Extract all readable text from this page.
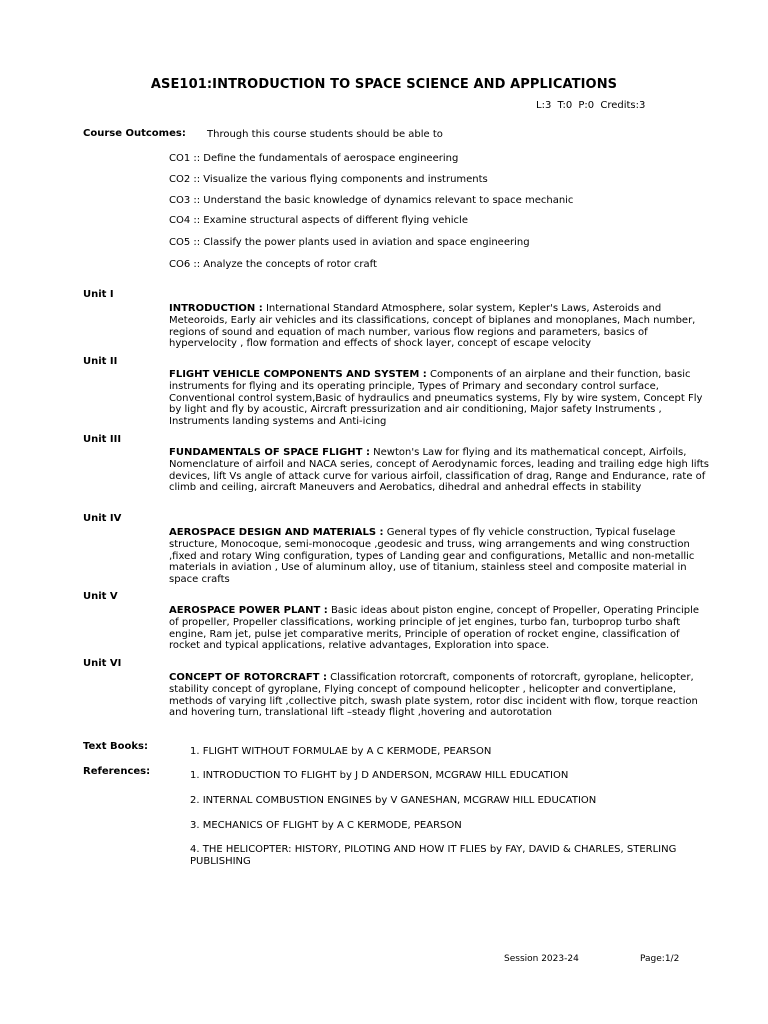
ASE101:INTRODUCTION TO SPACE SCIENCE AND APPLICATIONS
L:3 T:0 P:0 Credits:3
Course Outcomes: Through this course students should be able to
CO1 :: Define the fundamentals of aerospace engineering
CO2 :: Visualize the various flying components and instruments
CO3 :: Understand the basic knowledge of dynamics relevant to space mechanic
CO4 :: Examine structural aspects of different flying vehicle
CO5 :: Classify the power plants used in aviation and space engineering
CO6 :: Analyze the concepts of rotor craft
Unit I
INTRODUCTION : International Standard Atmosphere, solar system, Kepler's Laws, Asteroids and Meteoroids, Early air vehicles and its classifications, concept of biplanes and monoplanes, Mach number, regions of sound and equation of mach number, various flow regions and parameters, basics of hypervelocity , flow formation and effects of shock layer, concept of escape velocity
Unit II
FLIGHT VEHICLE COMPONENTS AND SYSTEM : Components of an airplane and their function, basic instruments for flying and its operating principle, Types of Primary and secondary control surface, Conventional control system,Basic of hydraulics and pneumatics systems, Fly by wire system, Concept Fly by light and fly by acoustic, Aircraft pressurization and air conditioning, Major safety Instruments , Instruments landing systems and Anti-icing
Unit III
FUNDAMENTALS OF SPACE FLIGHT : Newton's Law for flying and its mathematical concept, Airfoils, Nomenclature of airfoil and NACA series, concept of Aerodynamic forces, leading and trailing edge high lifts devices, lift Vs angle of attack curve for various airfoil, classification of drag, Range and Endurance, rate of climb and ceiling, aircraft Maneuvers and Aerobatics, dihedral and anhedral effects in stability
Unit IV
AEROSPACE DESIGN AND MATERIALS : General types of fly vehicle construction, Typical fuselage structure, Monocoque, semi-monocoque ,geodesic and truss, wing arrangements and wing construction ,fixed and rotary Wing configuration, types of Landing gear and configurations, Metallic and non-metallic materials in aviation , Use of aluminum alloy, use of titanium, stainless steel and composite material in space crafts
Unit V
AEROSPACE POWER PLANT : Basic ideas about piston engine, concept of Propeller, Operating Principle of propeller, Propeller classifications, working principle of jet engines, turbo fan, turboprop turbo shaft engine, Ram jet, pulse jet comparative merits, Principle of operation of rocket engine, classification of rocket and typical applications, relative advantages, Exploration into space.
Unit VI
CONCEPT OF ROTORCRAFT : Classification rotorcraft, components of rotorcraft, gyroplane, helicopter, stability concept of gyroplane, Flying concept of compound helicopter , helicopter and convertiplane, methods of varying lift ,collective pitch, swash plate system, rotor disc incident with flow, torque reaction and hovering turn, translational lift –steady flight ,hovering and autorotation
Text Books:	1. FLIGHT WITHOUT FORMULAE by A C KERMODE, PEARSON
References:	1. INTRODUCTION TO FLIGHT by J D ANDERSON, MCGRAW HILL EDUCATION
2. INTERNAL COMBUSTION ENGINES by V GANESHAN, MCGRAW HILL EDUCATION
3. MECHANICS OF FLIGHT by A C KERMODE, PEARSON
4. THE HELICOPTER: HISTORY, PILOTING AND HOW IT FLIES by FAY, DAVID & CHARLES, STERLING PUBLISHING
Session 2023-24	Page:1/2
